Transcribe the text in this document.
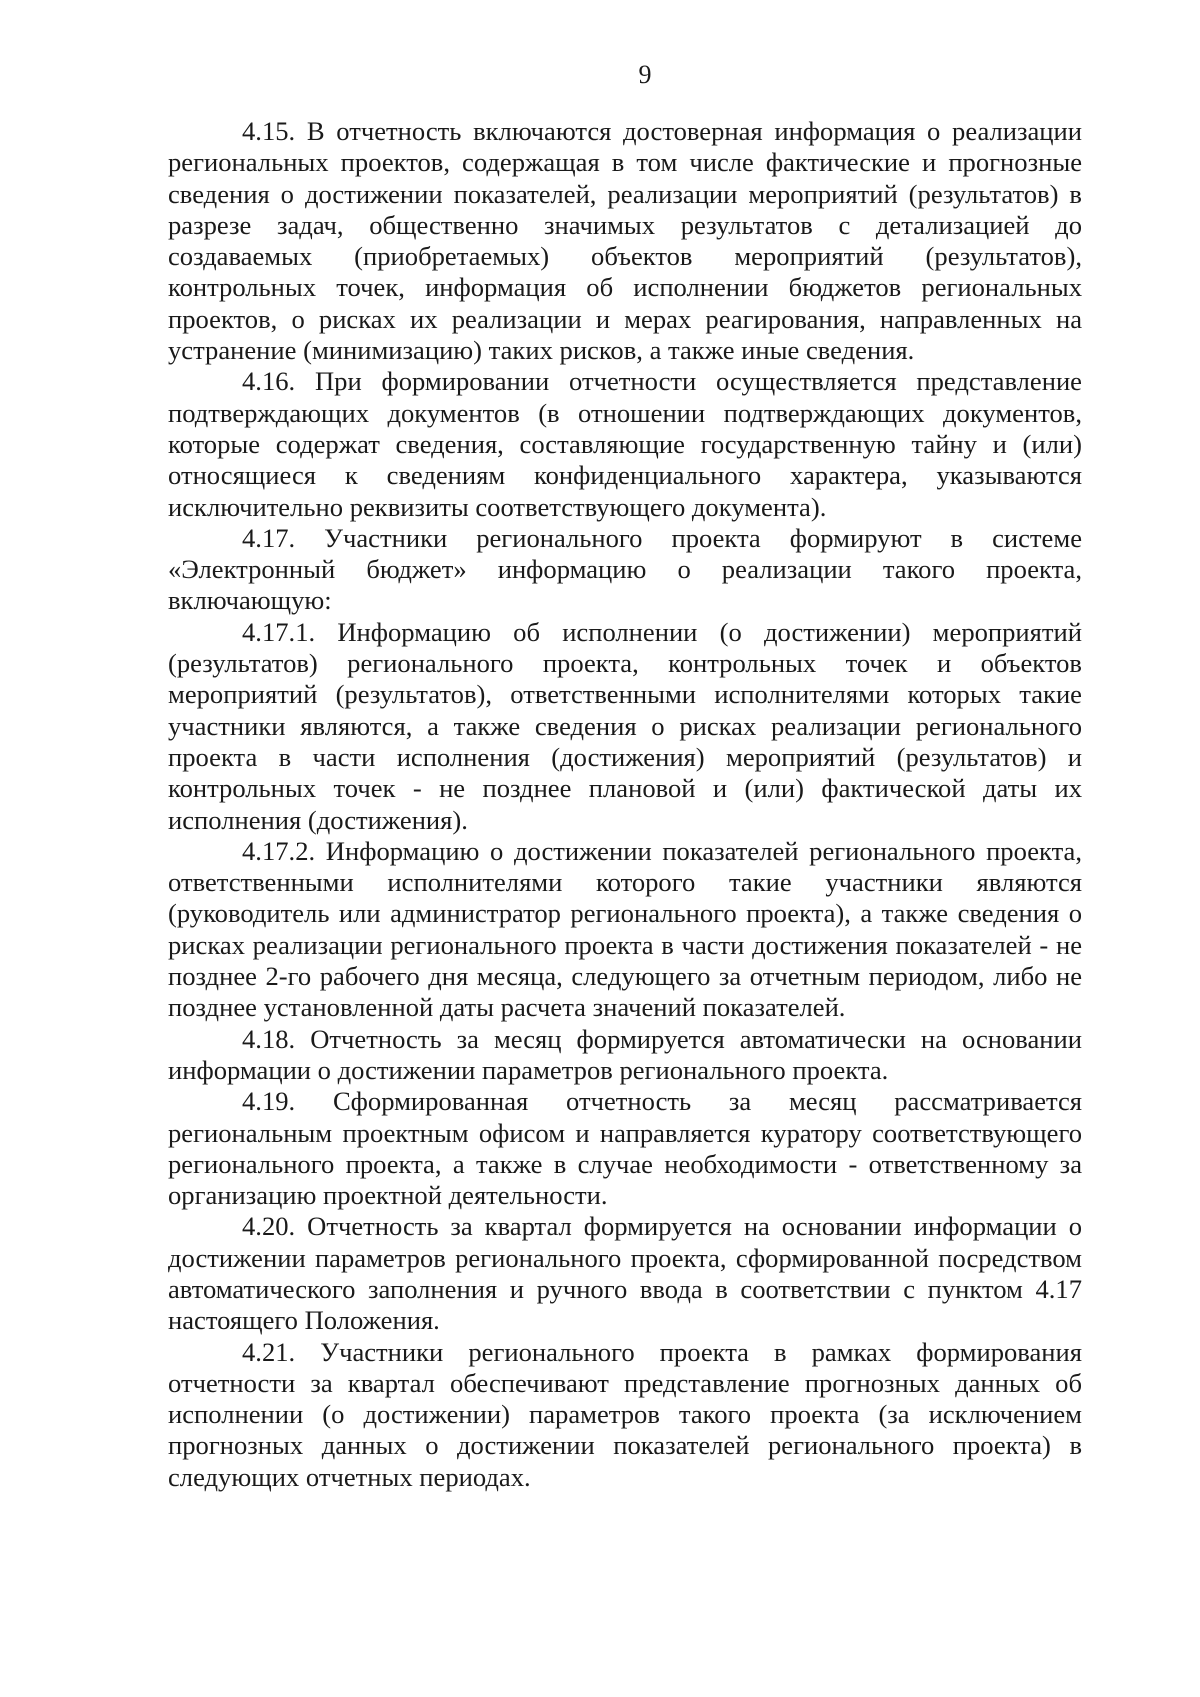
9

4.15. В отчетность включаются достоверная информация о реализации региональных проектов, содержащая в том числе фактические и прогнозные сведения о достижении показателей, реализации мероприятий (результатов) в разрезе задач, общественно значимых результатов с детализацией до создаваемых (приобретаемых) объектов мероприятий (результатов), контрольных точек, информация об исполнении бюджетов региональных проектов, о рисках их реализации и мерах реагирования, направленных на устранение (минимизацию) таких рисков, а также иные сведения.

4.16. При формировании отчетности осуществляется представление подтверждающих документов (в отношении подтверждающих документов, которые содержат сведения, составляющие государственную тайну и (или) относящиеся к сведениям конфиденциального характера, указываются исключительно реквизиты соответствующего документа).

4.17. Участники регионального проекта формируют в системе «Электронный бюджет» информацию о реализации такого проекта, включающую:

4.17.1. Информацию об исполнении (о достижении) мероприятий (результатов) регионального проекта, контрольных точек и объектов мероприятий (результатов), ответственными исполнителями которых такие участники являются, а также сведения о рисках реализации регионального проекта в части исполнения (достижения) мероприятий (результатов) и контрольных точек - не позднее плановой и (или) фактической даты их исполнения (достижения).

4.17.2. Информацию о достижении показателей регионального проекта, ответственными исполнителями которого такие участники являются (руководитель или администратор регионального проекта), а также сведения о рисках реализации регионального проекта в части достижения показателей - не позднее 2-го рабочего дня месяца, следующего за отчетным периодом, либо не позднее установленной даты расчета значений показателей.

4.18. Отчетность за месяц формируется автоматически на основании информации о достижении параметров регионального проекта.

4.19. Сформированная отчетность за месяц рассматривается региональным проектным офисом и направляется куратору соответствующего регионального проекта, а также в случае необходимости - ответственному за организацию проектной деятельности.

4.20. Отчетность за квартал формируется на основании информации о достижении параметров регионального проекта, сформированной посредством автоматического заполнения и ручного ввода в соответствии с пунктом 4.17 настоящего Положения.

4.21. Участники регионального проекта в рамках формирования отчетности за квартал обеспечивают представление прогнозных данных об исполнении (о достижении) параметров такого проекта (за исключением прогнозных данных о достижении показателей регионального проекта) в следующих отчетных периодах.
